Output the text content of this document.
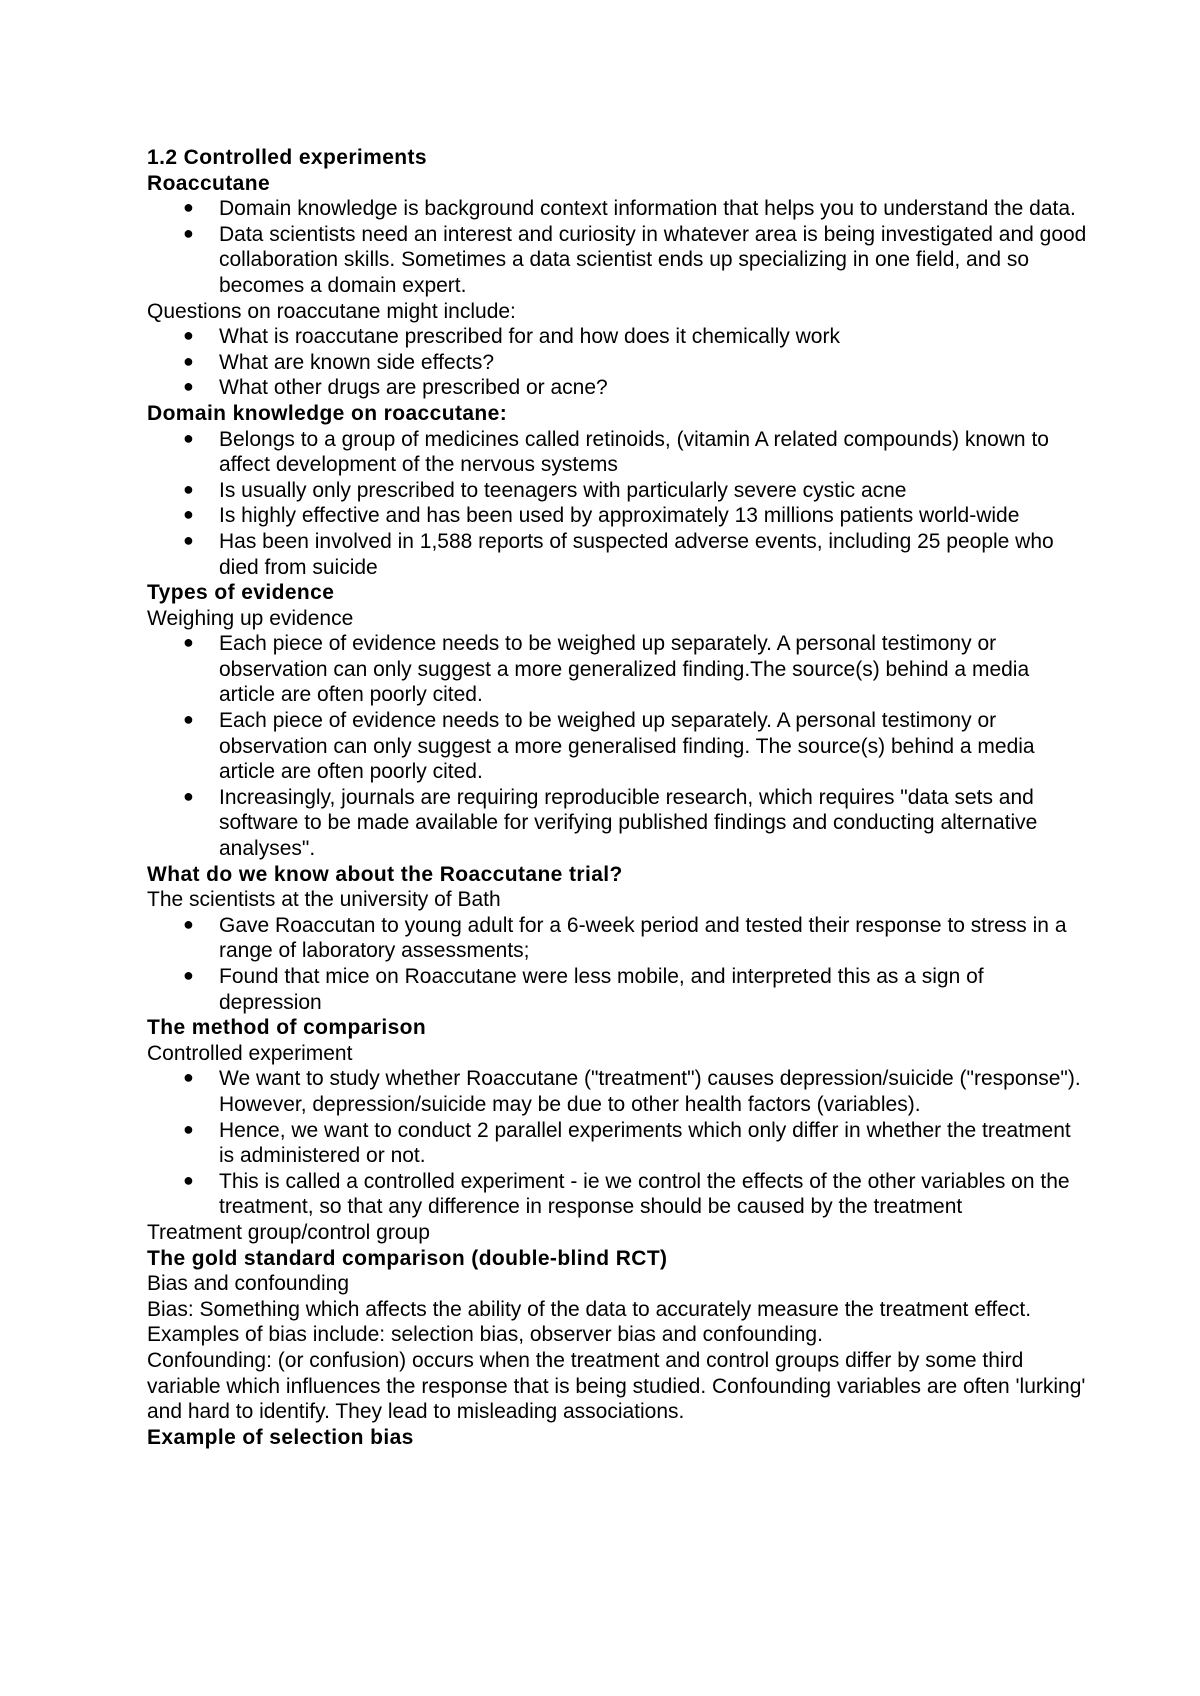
1.2 Controlled experiments

Roaccutane

● Domain knowledge is background context information that helps you to understand the data.
● Data scientists need an interest and curiosity in whatever area is being investigated and good collaboration skills. Sometimes a data scientist ends up specializing in one field, and so becomes a domain expert.

Questions on roaccutane might include:

● What is roaccutane prescribed for and how does it chemically work
● What are known side effects?
● What other drugs are prescribed or acne?

Domain knowledge on roaccutane:

● Belongs to a group of medicines called retinoids, (vitamin A related compounds) known to affect development of the nervous systems
● Is usually only prescribed to teenagers with particularly severe cystic acne
● Is highly effective and has been used by approximately 13 millions patients world-wide
● Has been involved in 1,588 reports of suspected adverse events, including 25 people who died from suicide

Types of evidence

Weighing up evidence

● Each piece of evidence needs to be weighed up separately. A personal testimony or observation can only suggest a more generalized finding.The source(s) behind a media article are often poorly cited.
● Each piece of evidence needs to be weighed up separately. A personal testimony or observation can only suggest a more generalised finding. The source(s) behind a media article are often poorly cited.
● Increasingly, journals are requiring reproducible research, which requires "data sets and software to be made available for verifying published findings and conducting alternative analyses".

What do we know about the Roaccutane trial?

The scientists at the university of Bath

● Gave Roaccutan to young adult for a 6-week period and tested their response to stress in a range of laboratory assessments;
● Found that mice on Roaccutane were less mobile, and interpreted this as a sign of depression

The method of comparison

Controlled experiment

● We want to study whether Roaccutane ("treatment") causes depression/suicide ("response"). However, depression/suicide may be due to other health factors (variables).
● Hence, we want to conduct 2 parallel experiments which only differ in whether the treatment is administered or not.
● This is called a controlled experiment - ie we control the effects of the other variables on the treatment, so that any difference in response should be caused by the treatment

Treatment group/control group

The gold standard comparison (double-blind RCT)

Bias and confounding

Bias: Something which affects the ability of the data to accurately measure the treatment effect. Examples of bias include: selection bias, observer bias and confounding.

Confounding: (or confusion) occurs when the treatment and control groups differ by some third variable which influences the response that is being studied. Confounding variables are often 'lurking' and hard to identify. They lead to misleading associations.

Example of selection bias
